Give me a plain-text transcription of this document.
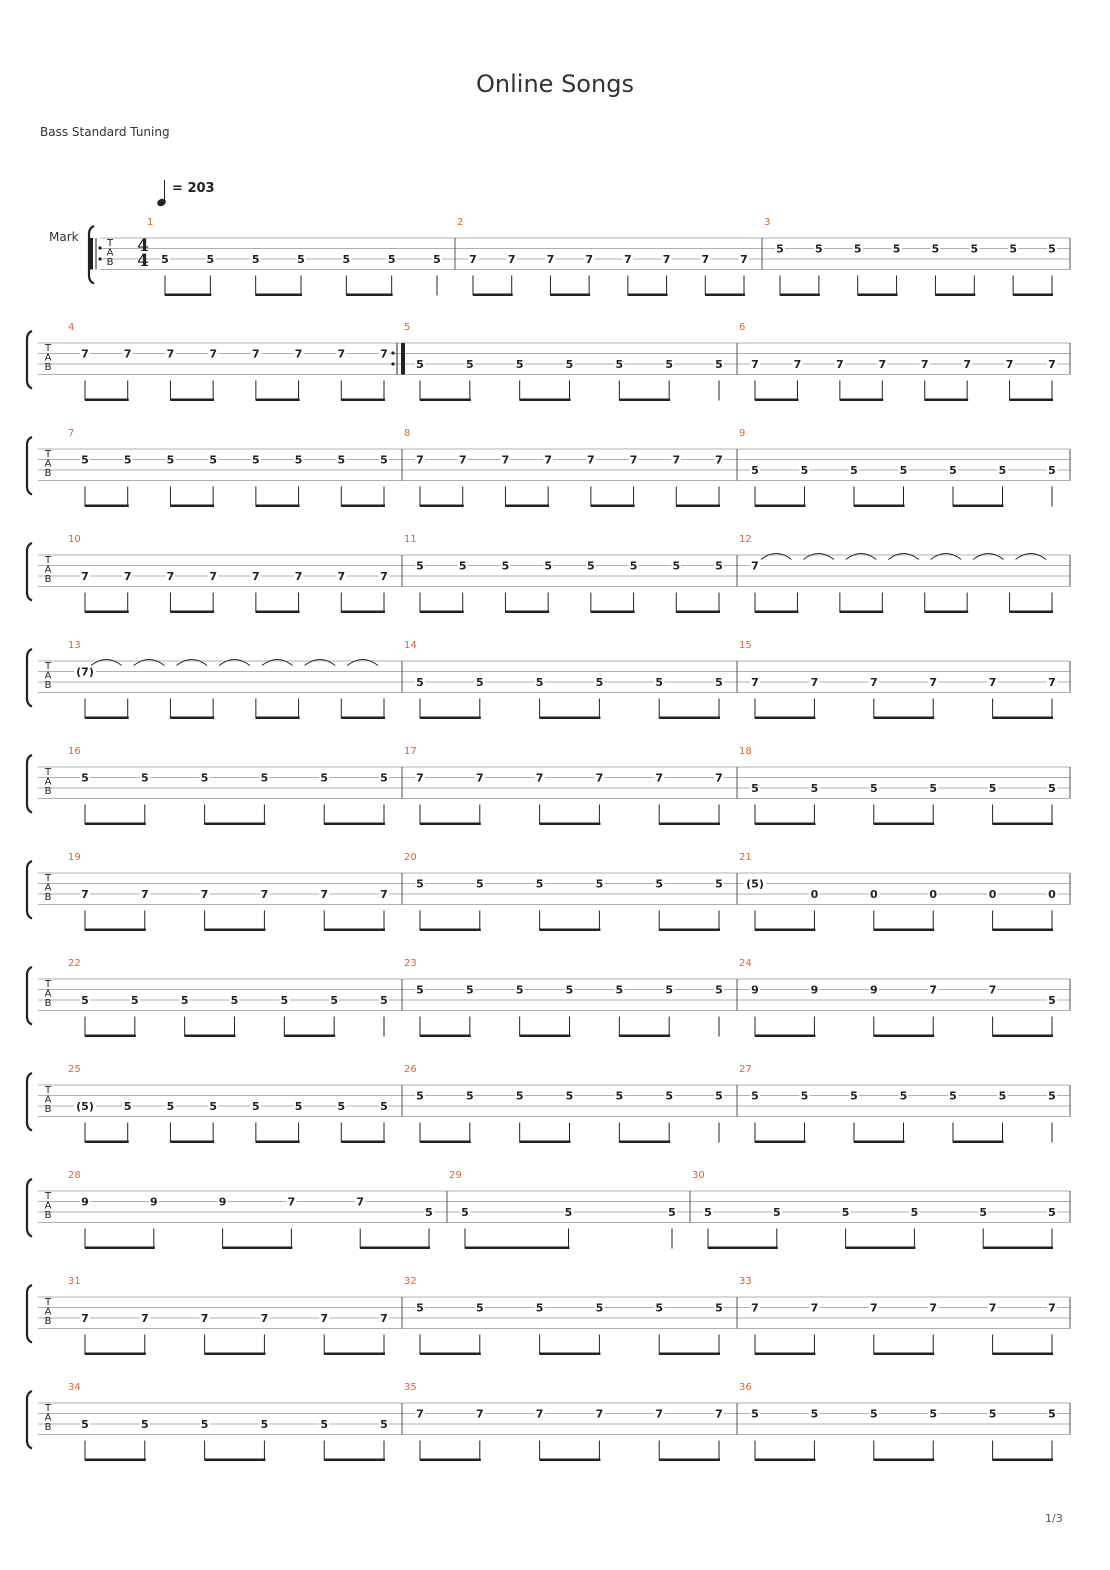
Online Songs
Bass Standard Tuning
= 203
Mark
1/3
T
A
B
4
4
1
5	5	5	5	5	5	5
2
7	7	7	7	7	7	7	7
3
5	5	5	5	5	5	5	5
T
A
B
4
7	7	7	7	7	7	7	7
5
5	5	5	5	5	5	5
6
7	7	7	7	7	7	7	7
T
A
B
7
5	5	5	5	5	5	5	5
8
7	7	7	7	7	7	7	7
9
5	5	5	5	5	5	5
T
A
B
10
7	7	7	7	7	7	7	7
11
5	5	5	5	5	5	5	5
12
7
T
A
B
13
(7)
14
5	5	5	5	5	5
15
7	7	7	7	7	7
T
A
B
16
5	5	5	5	5	5
17
7	7	7	7	7	7
18
5	5	5	5	5	5
T
A
B
19
7	7	7	7	7	7
20
5	5	5	5	5	5
21
(5)
0	0	0	0	0
T
A
B
22
5	5	5	5	5	5	5
23
5	5	5	5	5	5	5
24
9	9	9	7	7
5
T
A
B
25
(5)	5	5	5	5	5	5	5
26
5	5	5	5	5	5	5
27
5	5	5	5	5	5	5
T
A
B
28
9	9	9	7	7
5
29
5	5	5
30
5	5	5	5	5	5
T
A
B
31
7	7	7	7	7	7
32
5	5	5	5	5	5
33
7	7	7	7	7	7
T
A
B
34
5	5	5	5	5	5
35
7	7	7	7	7	7
36
5	5	5	5	5	5
